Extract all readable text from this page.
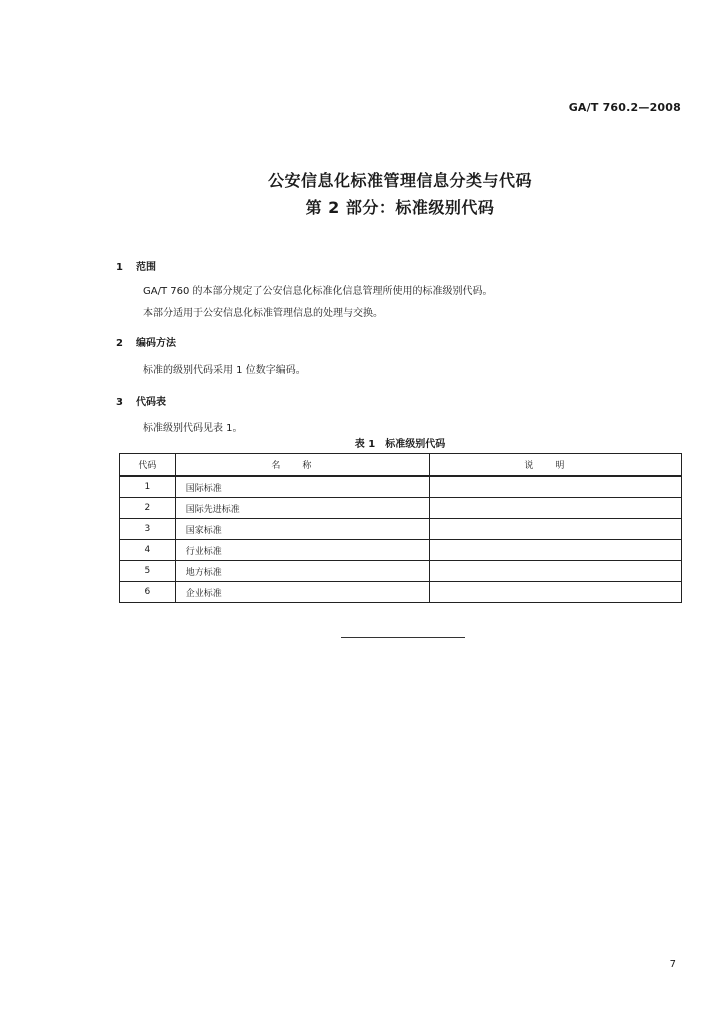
GA/T 760.2—2008
公安信息化标准管理信息分类与代码
第 2 部分：标准级别代码
1 范围
GA/T 760 的本部分规定了公安信息化标准化信息管理所使用的标准级别代码。
本部分适用于公安信息化标准管理信息的处理与交换。
2 编码方法
标准的级别代码采用 1 位数字编码。
3 代码表
标准级别代码见表 1。
表 1　标准级别代码
代码	名称	说明
1	国际标准	
2	国际先进标准	
3	国家标准	
4	行业标准	
5	地方标准	
6	企业标准	
7
